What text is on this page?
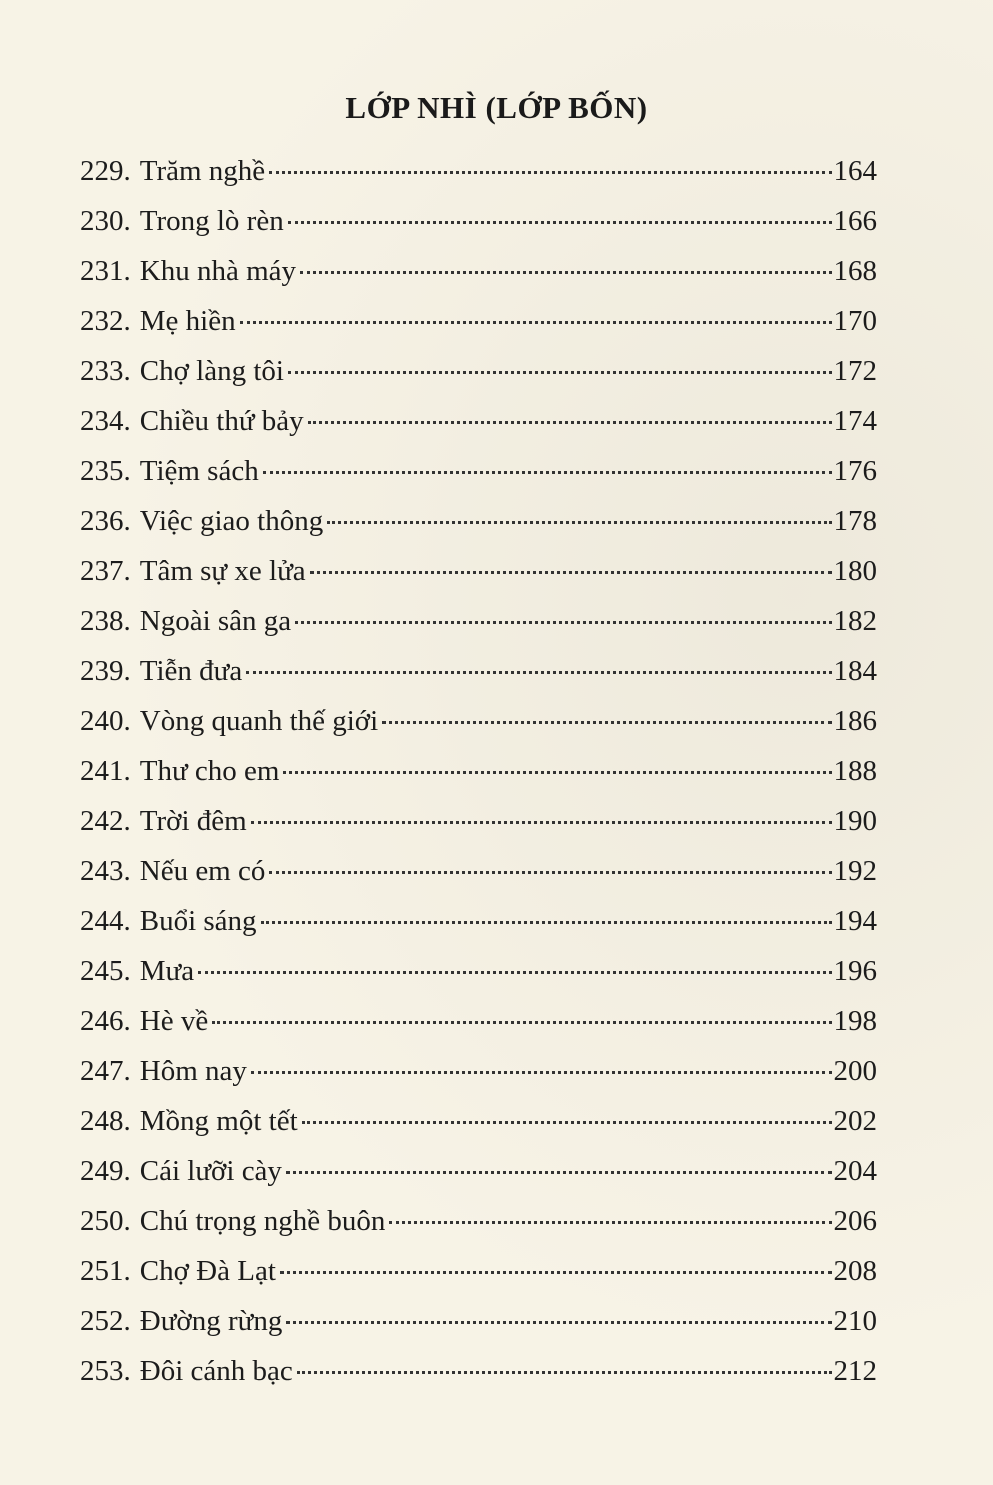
LỚP NHÌ (LỚP BỐN)
229. Trăm nghề	164
230. Trong lò rèn	166
231. Khu nhà máy	168
232. Mẹ hiền	170
233. Chợ làng tôi	172
234. Chiều thứ bảy	174
235. Tiệm sách	176
236. Việc giao thông	178
237. Tâm sự xe lửa	180
238. Ngoài sân ga	182
239. Tiễn đưa	184
240. Vòng quanh thế giới	186
241. Thư cho em	188
242. Trời đêm	190
243. Nếu em có	192
244. Buổi sáng	194
245. Mưa	196
246. Hè về	198
247. Hôm nay	200
248. Mồng một tết	202
249. Cái lưỡi cày	204
250. Chú trọng nghề buôn	206
251. Chợ Đà Lạt	208
252. Đường rừng	210
253. Đôi cánh bạc	212
